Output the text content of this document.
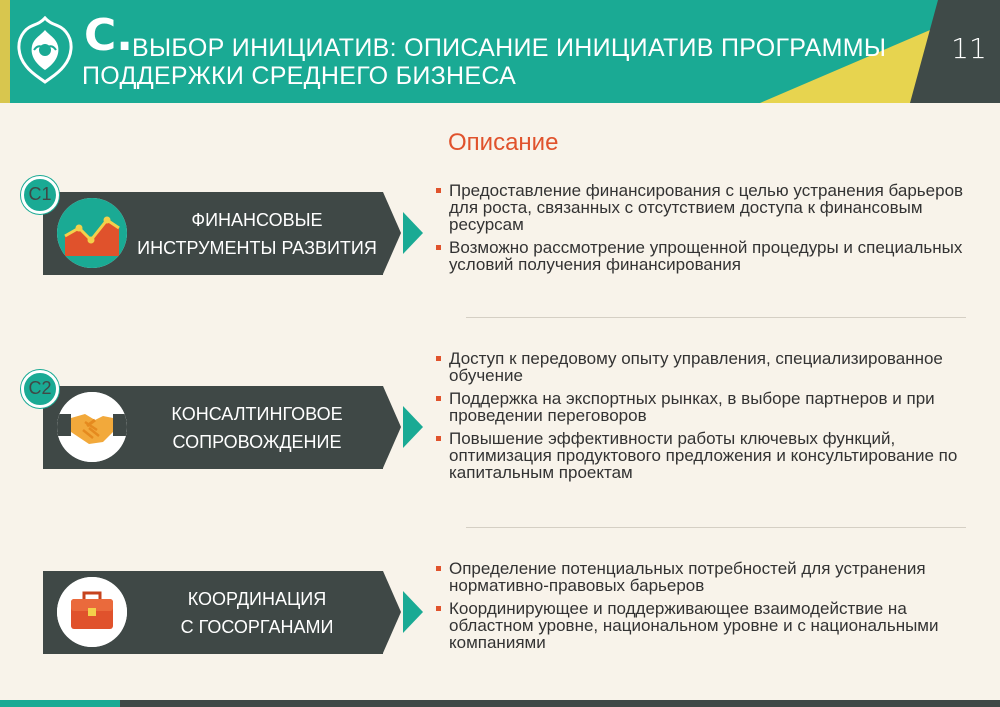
11
C.
ВЫБОР ИНИЦИАТИВ: ОПИСАНИЕ ИНИЦИАТИВ ПРОГРАММЫ
ПОДДЕРЖКИ СРЕДНЕГО БИЗНЕСА
Описание
ФИНАНСОВЫЕ
ИНСТРУМЕНТЫ РАЗВИТИЯ
C1	Предоставление финансирования с целью устранения барьеров для роста, связанных с отсутствием доступа к финансовым ресурсам
Возможно рассмотрение упрощенной процедуры и специальных условий получения финансирования
КОНСАЛТИНГОВОЕ
СОПРОВОЖДЕНИЕ
C2
Доступ к передовому опыту управления, специализированное обучение
Поддержка на экспортных рынках, в выборе партнеров и при проведении переговоров
Повышение эффективности работы ключевых функций, оптимизация продуктового предложения и консультирование по капитальным проектам
КООРДИНАЦИЯ
С ГОСОРГАНАМИ
Определение потенциальных потребностей для устранения нормативно-правовых барьеров
Координирующее и поддерживающее взаимодействие на областном уровне, национальном уровне и с национальными компаниями
